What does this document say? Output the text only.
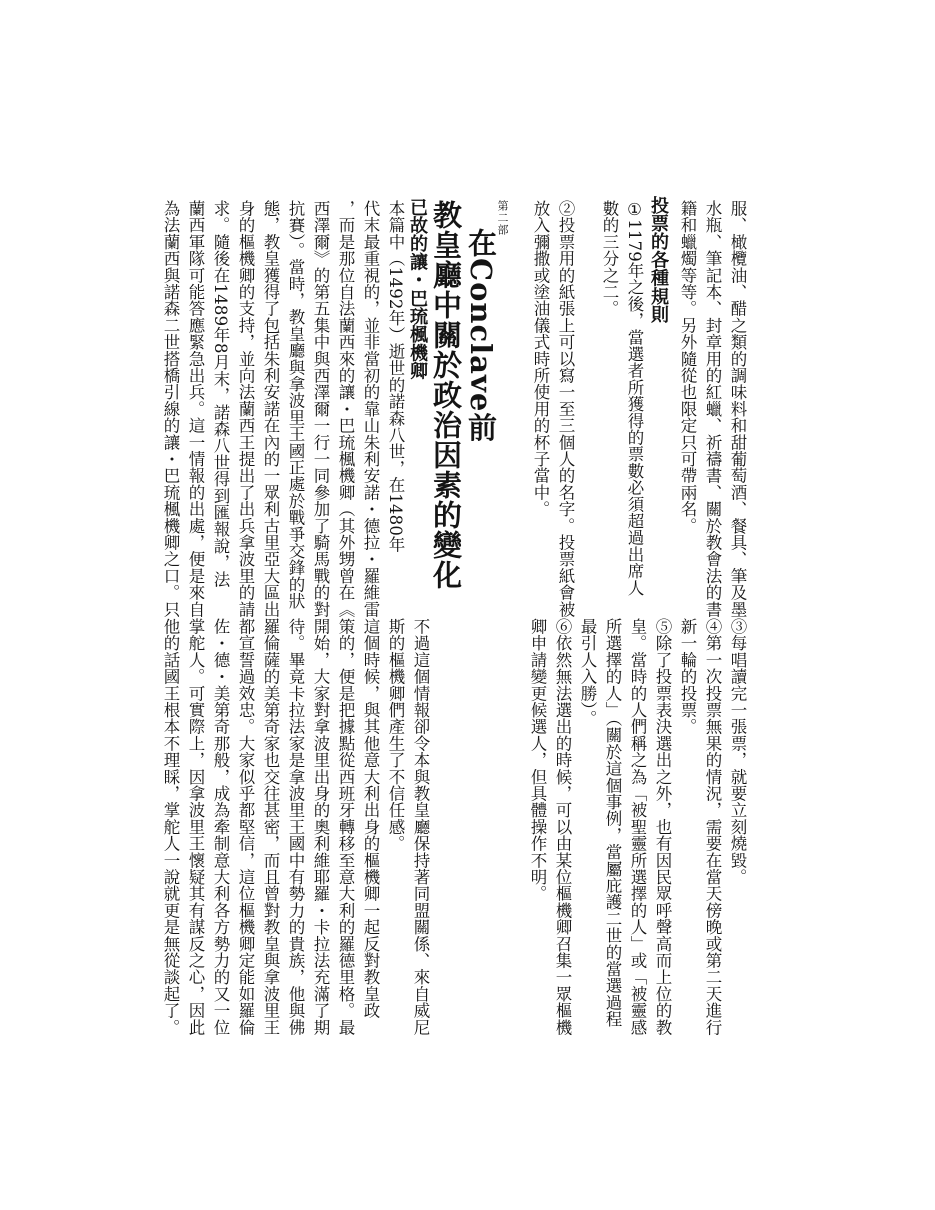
服、橄欖油、醋之類的調味料和甜葡萄酒、餐具、筆及墨

水瓶、筆記本、封章用的紅蠟、祈禱書、關於教會法的書

籍和蠟燭等等。另外隨從也限定只可帶兩名。

投票的各種規則

①1179年之後，當選者所獲得的票數必須超過出席人

數的三分之二。

②投票用的紙張上可以寫一至三個人的名字。投票紙會被

放入彌撒或塗油儀式時所使用的杯子當中。

第二部
在Conclave前
教皇廳中關於政治因素的變化

已故的讓・巴琉楓機卿

本篇中（1492年）逝世的諾森八世，在1480年

代末最重視的，並非當初的靠山朱利安諾・德拉・羅維雷

，而是那位自法蘭西來的讓・巴琉楓機卿（其外甥曾在《

西澤爾》的第五集中與西澤爾一行一同參加了騎馬戰的對

抗賽）。當時，教皇廳與拿波里王國正處於戰爭交鋒的狀

態，教皇獲得了包括朱利安諾在內的一眾利古里亞大區出

身的樞機卿的支持，並向法蘭西王提出了出兵拿波里的請

求。隨後在1489年8月末，諾森八世得到匯報說，法

蘭西軍隊可能答應緊急出兵。這一情報的出處，便是來自

為法蘭西與諾森二世搭橋引線的讓・巴琉楓機卿之口。只

③每唱讀完一張票，就要立刻燒毀。

④第一次投票無果的情況，需要在當天傍晚或第二天進行

新一輪的投票。

⑤除了投票表決選出之外，也有因民眾呼聲高而上位的教

皇。當時的人們稱之為「被聖靈所選擇的人」或「被靈感

所選擇的人」（關於這個事例，當屬庇護二世的當選過程

最引人入勝）。

⑥依然無法選出的時候，可以由某位樞機卿召集一眾樞機

卿申請變更候選人，但具體操作不明。

不過這個情報卻令本與教皇廳保持著同盟關係、來自威尼

斯的樞機卿們產生了不信任感。

這個時候，與其他意大利出身的樞機卿一起反對教皇政

策的，便是把據點從西班牙轉移至意大利的羅德里格。最

開始，大家對拿波里出身的奧利維耶羅・卡拉法充滿了期

待。畢竟卡拉法家是拿波里王國中有勢力的貴族，他與佛

羅倫薩的美第奇家也交往甚密，而且曾對教皇與拿波里王

都宣誓過效忠。大家似乎都堅信，這位樞機卿定能如羅倫

佐・德・美第奇那般，成為牽制意大利各方勢力的又一位

掌舵人。可實際上，因拿波里王懷疑其有謀反之心，因此

他的話國王根本不理睬，掌舵人一說就更是無從談起了。
